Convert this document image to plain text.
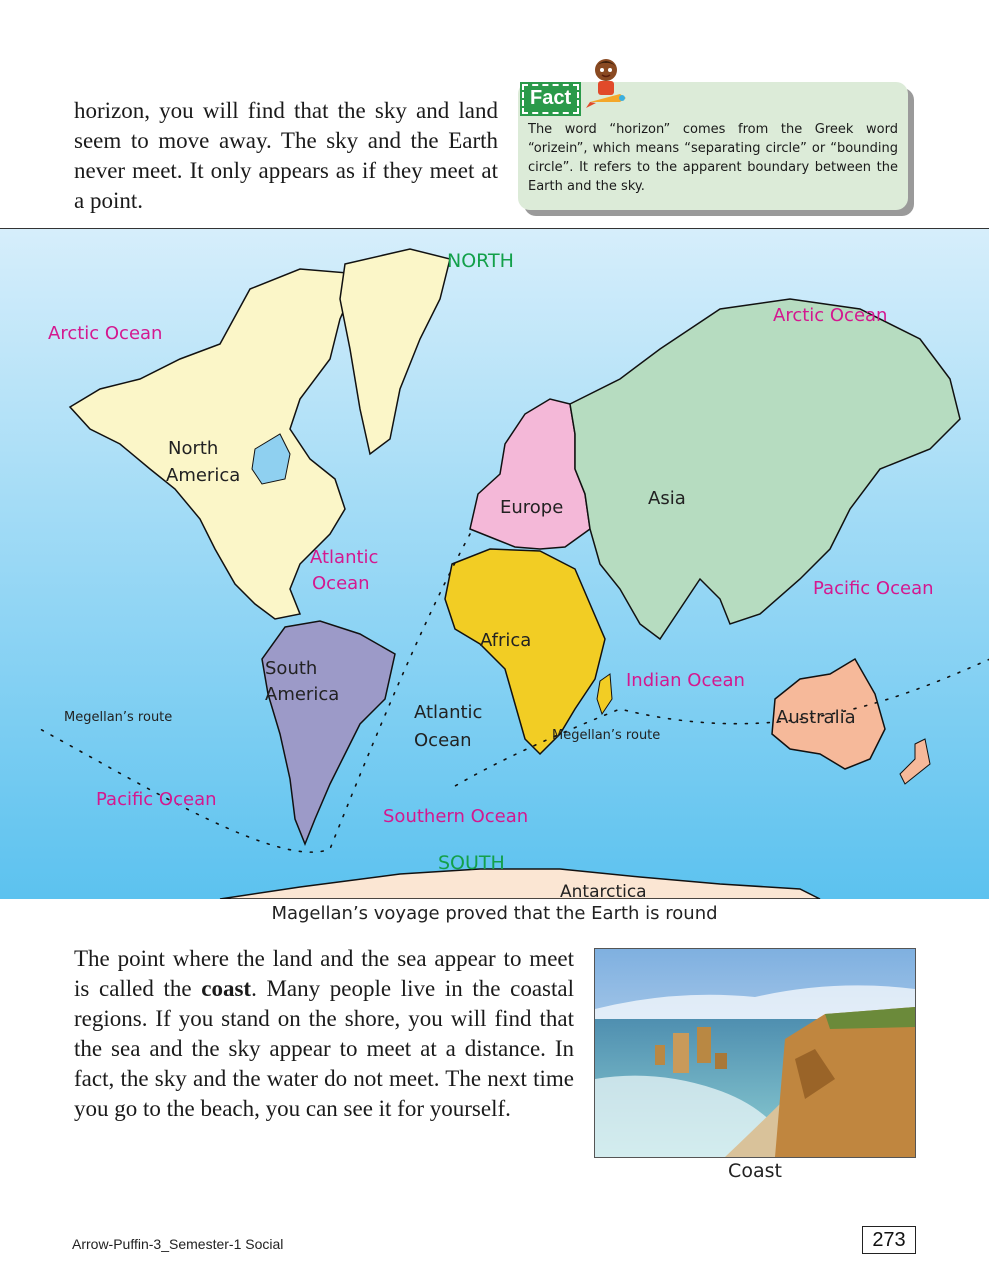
horizon, you will find that the sky and land seem to move away. The sky and the Earth never meet. It only appears as if they meet at a point.

Fact

The word “horizon” comes from the Greek word “orizein”, which means “separating circle” or “bounding circle”. It refers to the apparent boundary between the Earth and the sky.

NORTH
SOUTH
Arctic Ocean
Arctic Ocean
North
America
Europe	Asia
Atlantic
Ocean	Pacific Ocean
Africa
South
America
Indian Ocean
Megellan’s route	Atlantic
Ocean	Megellan’s route
Australia
Pacific Ocean
Southern Ocean
Antarctica
Magellan’s voyage proved that the Earth is round

The point where the land and the sea appear to meet is called the coast. Many people live in the coastal regions. If you stand on the shore, you will find that the sea and the sky appear to meet at a distance. In fact, the sky and the water do not meet. The next time you go to the beach, you can see it for yourself.

Coast
Arrow-Puffin-3_Semester-1 Social	273
